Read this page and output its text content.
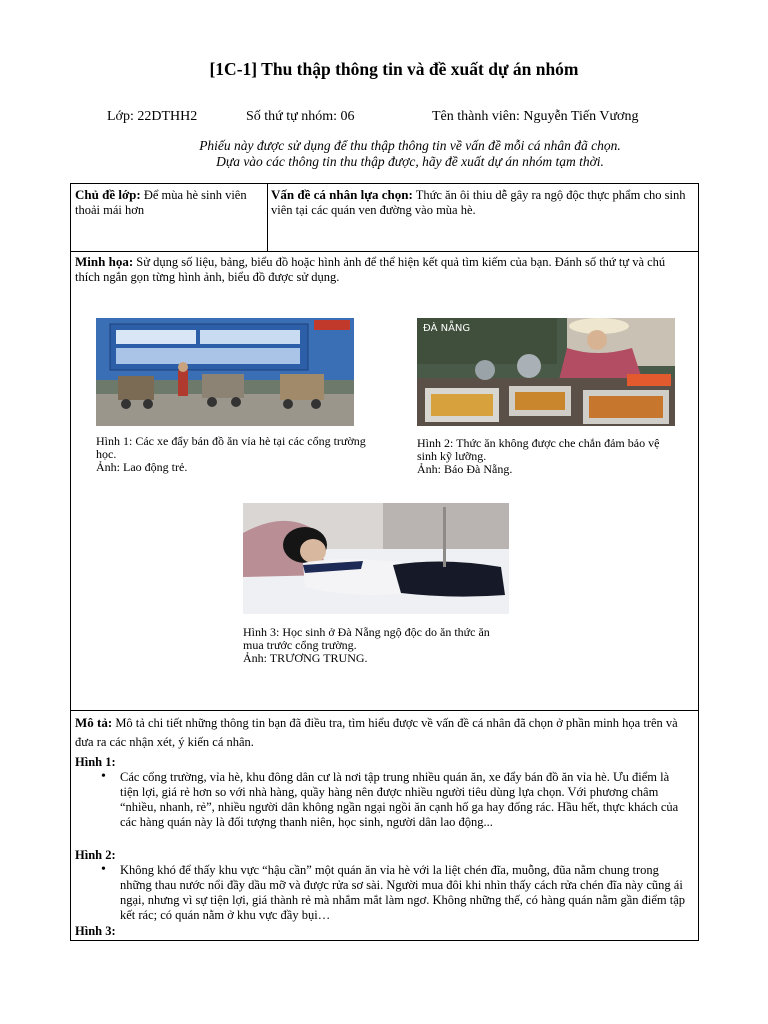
[1C-1] Thu thập thông tin và đề xuất dự án nhóm
Lớp: 22DTHH2	Số thứ tự nhóm: 06	Tên thành viên: Nguyễn Tiến Vương
Phiếu này được sử dụng để thu thập thông tin về vấn đề mỗi cá nhân đã chọn.
Dựa vào các thông tin thu thập được, hãy đề xuất dự án nhóm tạm thời.
Chủ đề lớp: Để mùa hè sinh viên thoải mái hơn
Vấn đề cá nhân lựa chọn: Thức ăn ôi thiu dễ gây ra ngộ độc thực phẩm cho sinh viên tại các quán ven đường vào mùa hè.
Minh họa: Sử dụng số liệu, bảng, biểu đồ hoặc hình ảnh để thể hiện kết quả tìm kiếm của bạn. Đánh số thứ tự và chú thích ngắn gọn từng hình ảnh, biểu đồ được sử dụng.
Hình 1: Các xe đẩy bán đồ ăn vỉa hè tại các cổng trường học.
Ảnh: Lao động trẻ.
ĐÀ NẴNG
Hình 2: Thức ăn không được che chắn đảm bảo vệ sinh kỹ lưỡng.
Ảnh: Báo Đà Nẵng.
Hình 3: Học sinh ở Đà Nẵng ngộ độc do ăn thức ăn mua trước cổng trường.
Ảnh: TRƯƠNG TRUNG.
Mô tả: Mô tả chi tiết những thông tin bạn đã điều tra, tìm hiểu được về vấn đề cá nhân đã chọn ở phần minh họa trên và đưa ra các nhận xét, ý kiến cá nhân.
Hình 1:
• Các cổng trường, vỉa hè, khu đông dân cư là nơi tập trung nhiều quán ăn, xe đẩy bán đồ ăn vỉa hè. Ưu điểm là tiện lợi, giá rẻ hơn so với nhà hàng, quầy hàng nên được nhiều người tiêu dùng lựa chọn. Với phương châm “nhiều, nhanh, rẻ”, nhiều người dân không ngần ngại ngồi ăn cạnh hố ga hay đống rác. Hầu hết, thực khách của các hàng quán này là đối tượng thanh niên, học sinh, người dân lao động...
Hình 2:
• Không khó để thấy khu vực “hậu cần” một quán ăn vỉa hè với la liệt chén đĩa, muỗng, đũa nằm chung trong những thau nước nổi đầy dầu mỡ và được rửa sơ sài. Người mua đôi khi nhìn thấy cách rửa chén đĩa này cũng ái ngại, nhưng vì sự tiện lợi, giá thành rẻ mà nhắm mắt làm ngơ. Không những thế, có hàng quán nằm gần điểm tập kết rác; có quán nằm ở khu vực đầy bụi…
Hình 3:
